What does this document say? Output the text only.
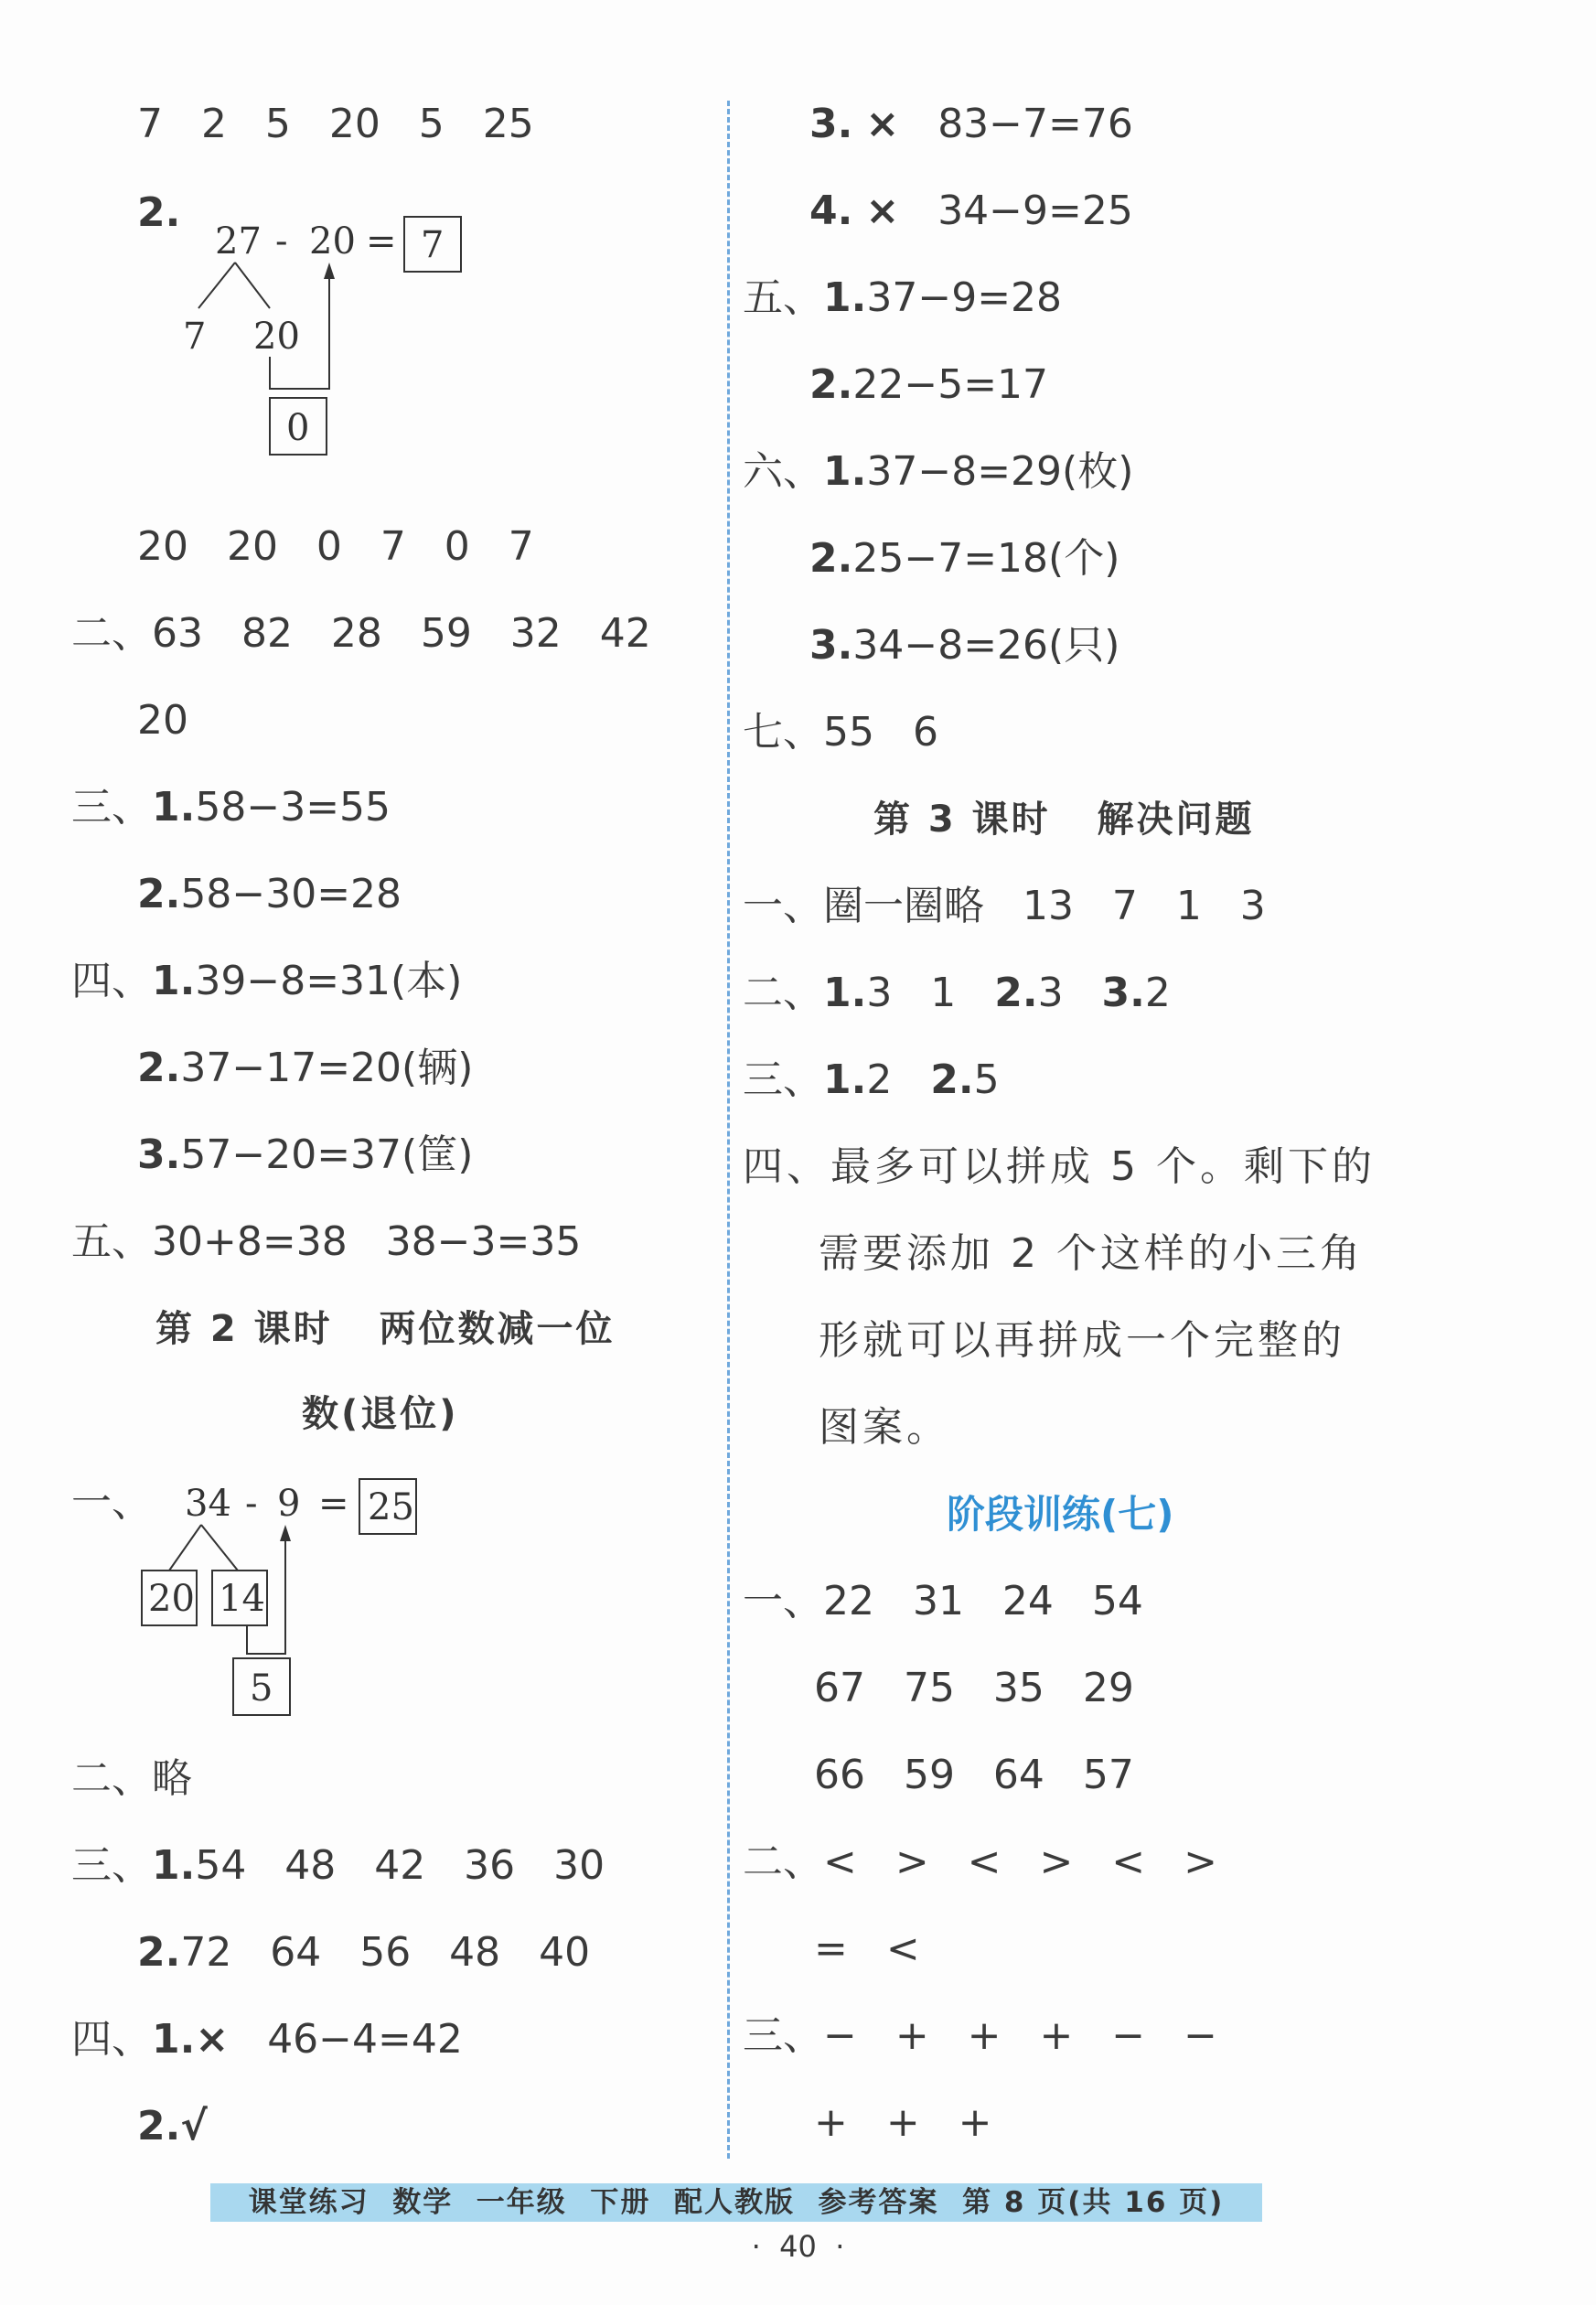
7   2   5   20   5   25
2.
27 - 20 = 7
7 20
0
20   20   0   7   0   7
二、63   82   28   59   32   42
20
三、1.58−3=55
2.58−30=28
四、1.39−8=31(本)
2.37−17=20(辆)
3.57−20=37(筐)
五、30+8=38   38−3=35
第 2 课时   两位数减一位
数(退位)
一、 34 - 9 = 25
20 14
5
二、略
三、1.54   48   42   36   30
2.72   64   56   48   40
四、1.× 46−4=42
2.√
3. × 83−7=76
4. × 34−9=25
五、1.37−9=28
2.22−5=17
六、1.37−8=29(枚)
2.25−7=18(个)
3.34−8=26(只)
七、55   6
第 3 课时   解决问题
一、圈一圈略   13   7   1   3
二、1.3   1   2.3   3.2
三、1.2   2.5
四、最多可以拼成 5 个。剩下的
需要添加 2 个这样的小三角
形就可以再拼成一个完整的
图案。
阶段训练(七)
一、22   31   24   54
67   75   35   29
66   59   64   57
二、<   >   <   >   <   >
=   <
三、−   +   +   +   −   −
+   +   +
课堂练习  数学  一年级  下册  配人教版  参考答案  第 8 页(共 16 页)
·  40  ·
